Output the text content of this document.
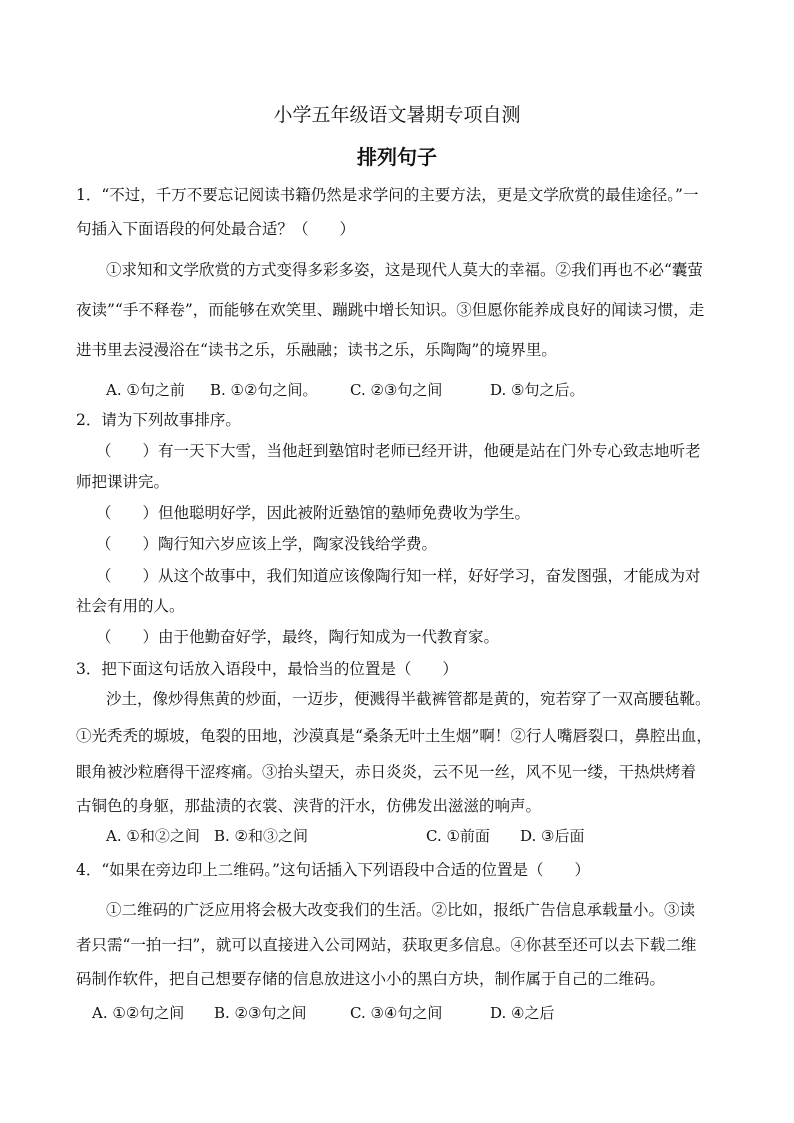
小学五年级语文暑期专项自测
排列句子
1．“不过，千万不要忘记阅读书籍仍然是求学问的主要方法，更是文学欣赏的最佳途径。”一
句插入下面语段的何处最合适？（　　）
①求知和文学欣赏的方式变得多彩多姿，这是现代人莫大的幸福。②我们再也不必“囊萤
夜读”“手不释卷”，而能够在欢笑里、蹦跳中增长知识。③但愿你能养成良好的闻读习惯，走
进书里去浸漫浴在“读书之乐，乐融融；读书之乐，乐陶陶”的境界里。
A. ①句之前 B. ①②句之间。 C. ②③句之间	D. ⑤句之后。
2．请为下列故事排序。
（　　）有一天下大雪，当他赶到塾馆时老师已经开讲，他硬是站在门外专心致志地听老
师把课讲完。
（　　）但他聪明好学，因此被附近塾馆的塾师免费收为学生。
（　　）陶行知六岁应该上学，陶家没钱给学费。
（　　）从这个故事中，我们知道应该像陶行知一样，好好学习，奋发图强，才能成为对
社会有用的人。
（　　）由于他勤奋好学，最终，陶行知成为一代教育家。
3．把下面这句话放入语段中，最恰当的位置是（　　）
沙土，像炒得焦黄的炒面，一迈步，便溅得半截裤管都是黄的，宛若穿了一双高腰毡靴。
①光秃秃的塬坡，龟裂的田地，沙漠真是“桑条无叶土生烟”啊！②行人嘴唇裂口，鼻腔出血，
眼角被沙粒磨得干涩疼痛。③抬头望天，赤日炎炎，云不见一丝，风不见一缕，干热烘烤着
古铜色的身躯，那盐渍的衣裳、浃背的汗水，仿佛发出滋滋的响声。
A. ①和②之间 B. ②和③之间	C. ①前面 D. ③后面
4．“如果在旁边印上二维码。”这句话插入下列语段中合适的位置是（　　）
①二维码的广泛应用将会极大改变我们的生活。②比如，报纸广告信息承载量小。③读
者只需“一拍一扫”，就可以直接进入公司网站，获取更多信息。④你甚至还可以去下载二维
码制作软件，把自己想要存储的信息放进这小小的黑白方块，制作属于自己的二维码。
A. ①②句之间 B. ②③句之间	C. ③④句之间	D. ④之后
